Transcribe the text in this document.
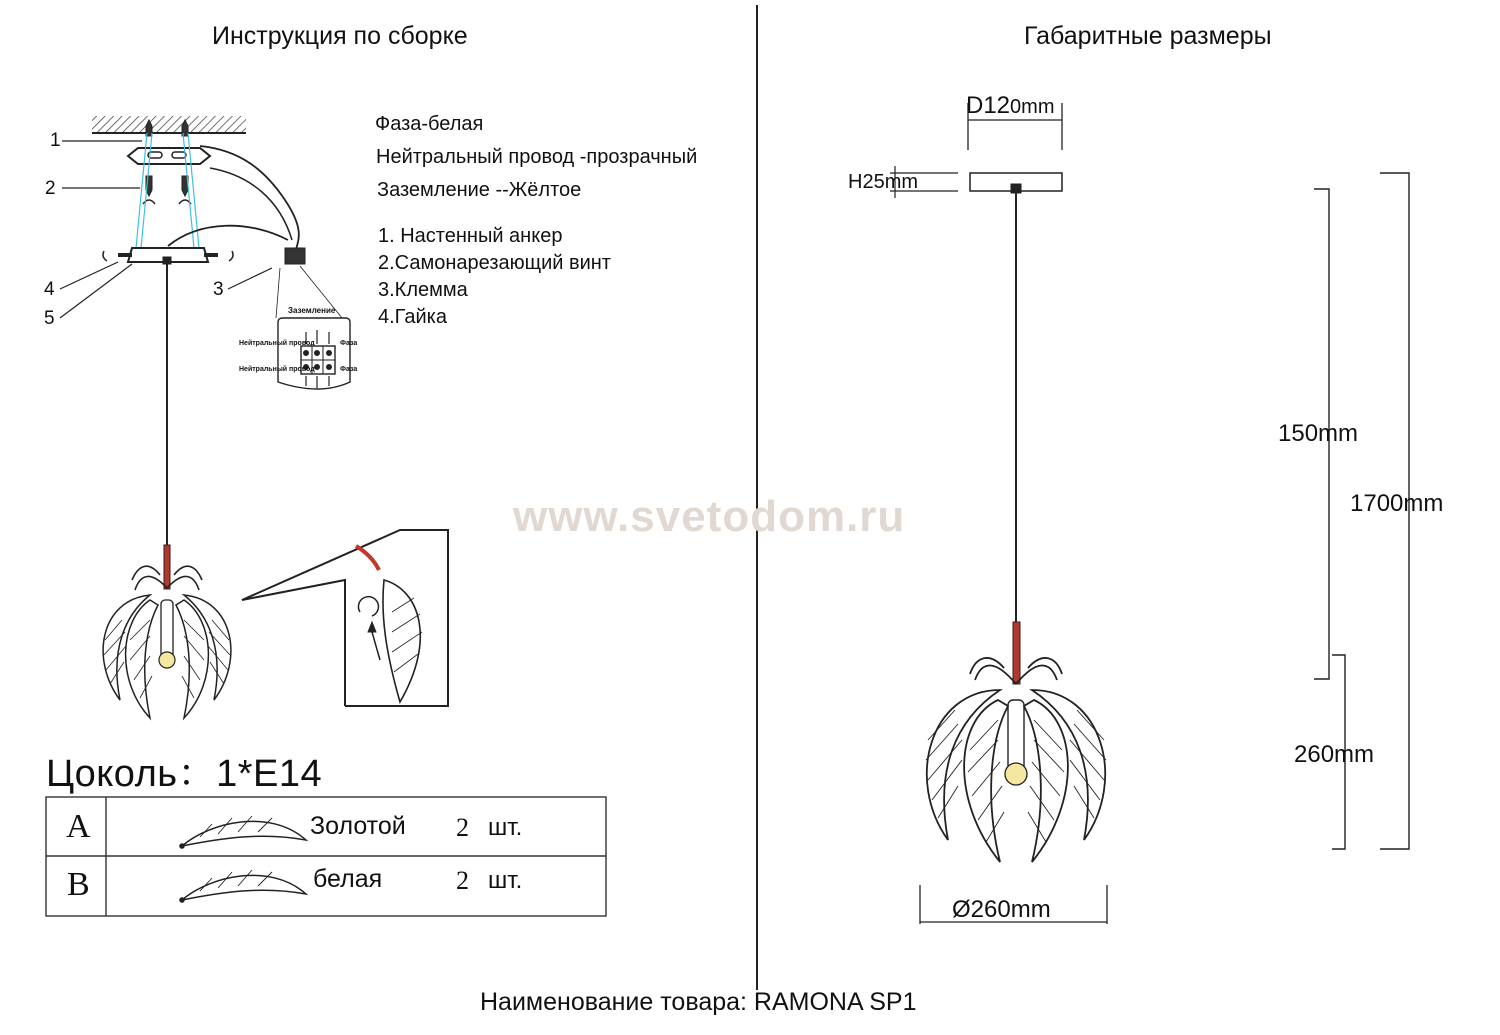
Инструкция по сборке	Габаритные размеры
Фаза-белая
Нейтральный провод -прозрачный
Заземление --Жёлтое
1. Настенный анкер
2.Самонарезающий винт
3.Клемма
4.Гайка
1
2
3
4
5	Заземление
Нейтральный провод
Нейтральный провод
Фаза
Фаза
Цоколь：1*E14
A	Золотой 2 шт.
B	белая	2 шт.
D120mm
H25mm
150mm
1700mm
260mm
Ø260mm
www.svetodom.ru
Наименование товара: RAMONA SP1
